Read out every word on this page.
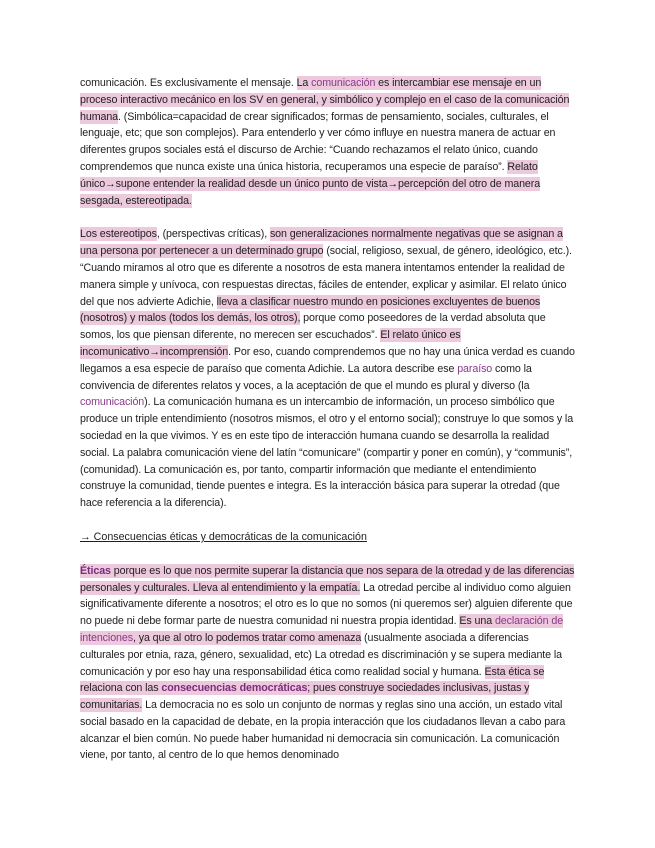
comunicación. Es exclusivamente el mensaje. La comunicación es intercambiar ese mensaje en un proceso interactivo mecánico en los SV en general, y simbólico y complejo en el caso de la comunicación humana. (Simbólica=capacidad de crear significados; formas de pensamiento, sociales, culturales, el lenguaje, etc; que son complejos). Para entenderlo y ver cómo influye en nuestra manera de actuar en diferentes grupos sociales está el discurso de Archie: “Cuando rechazamos el relato único, cuando comprendemos que nunca existe una única historia, recuperamos una especie de paraíso”. Relato único→supone entender la realidad desde un único punto de vista→percepción del otro de manera sesgada, estereotipada.

Los estereotipos, (perspectivas críticas), son generalizaciones normalmente negativas que se asignan a una persona por pertenecer a un determinado grupo (social, religioso, sexual, de género, ideológico, etc.). “Cuando miramos al otro que es diferente a nosotros de esta manera intentamos entender la realidad de manera simple y unívoca, con respuestas directas, fáciles de entender, explicar y asimilar. El relato único del que nos advierte Adichie, lleva a clasificar nuestro mundo en posiciones excluyentes de buenos (nosotros) y malos (todos los demás, los otros), porque como poseedores de la verdad absoluta que somos, los que piensan diferente, no merecen ser escuchados”. El relato único es incomunicativo→incomprensión. Por eso, cuando comprendemos que no hay una única verdad es cuando llegamos a esa especie de paraíso que comenta Adichie. La autora describe ese paraíso como la convivencia de diferentes relatos y voces, a la aceptación de que el mundo es plural y diverso (la comunicación). La comunicación humana es un intercambio de información, un proceso simbólico que produce un triple entendimiento (nosotros mismos, el otro y el entorno social); construye lo que somos y la sociedad en la que vivimos. Y es en este tipo de interacción humana cuando se desarrolla la realidad social. La palabra comunicación viene del latín “comunicare” (compartir y poner en común), y “communis”, (comunidad). La comunicación es, por tanto, compartir información que mediante el entendimiento construye la comunidad, tiende puentes e integra. Es la interacción básica para superar la otredad (que hace referencia a la diferencia).

→ Consecuencias éticas y democráticas de la comunicación

Éticas porque es lo que nos permite superar la distancia que nos separa de la otredad y de las diferencias personales y culturales. Lleva al entendimiento y la empatía. La otredad percibe al individuo como alguien significativamente diferente a nosotros; el otro es lo que no somos (ni queremos ser) alguien diferente que no puede ni debe formar parte de nuestra comunidad ni nuestra propia identidad. Es una declaración de intenciones, ya que al otro lo podemos tratar como amenaza (usualmente asociada a diferencias culturales por etnia, raza, género, sexualidad, etc) La otredad es discriminación y se supera mediante la comunicación y por eso hay una responsabilidad ética como realidad social y humana. Esta ética se relaciona con las consecuencias democráticas; pues construye sociedades inclusivas, justas y comunitarias. La democracia no es solo un conjunto de normas y reglas sino una acción, un estado vital social basado en la capacidad de debate, en la propia interacción que los ciudadanos llevan a cabo para alcanzar el bien común. No puede haber humanidad ni democracia sin comunicación. La comunicación viene, por tanto, al centro de lo que hemos denominado
